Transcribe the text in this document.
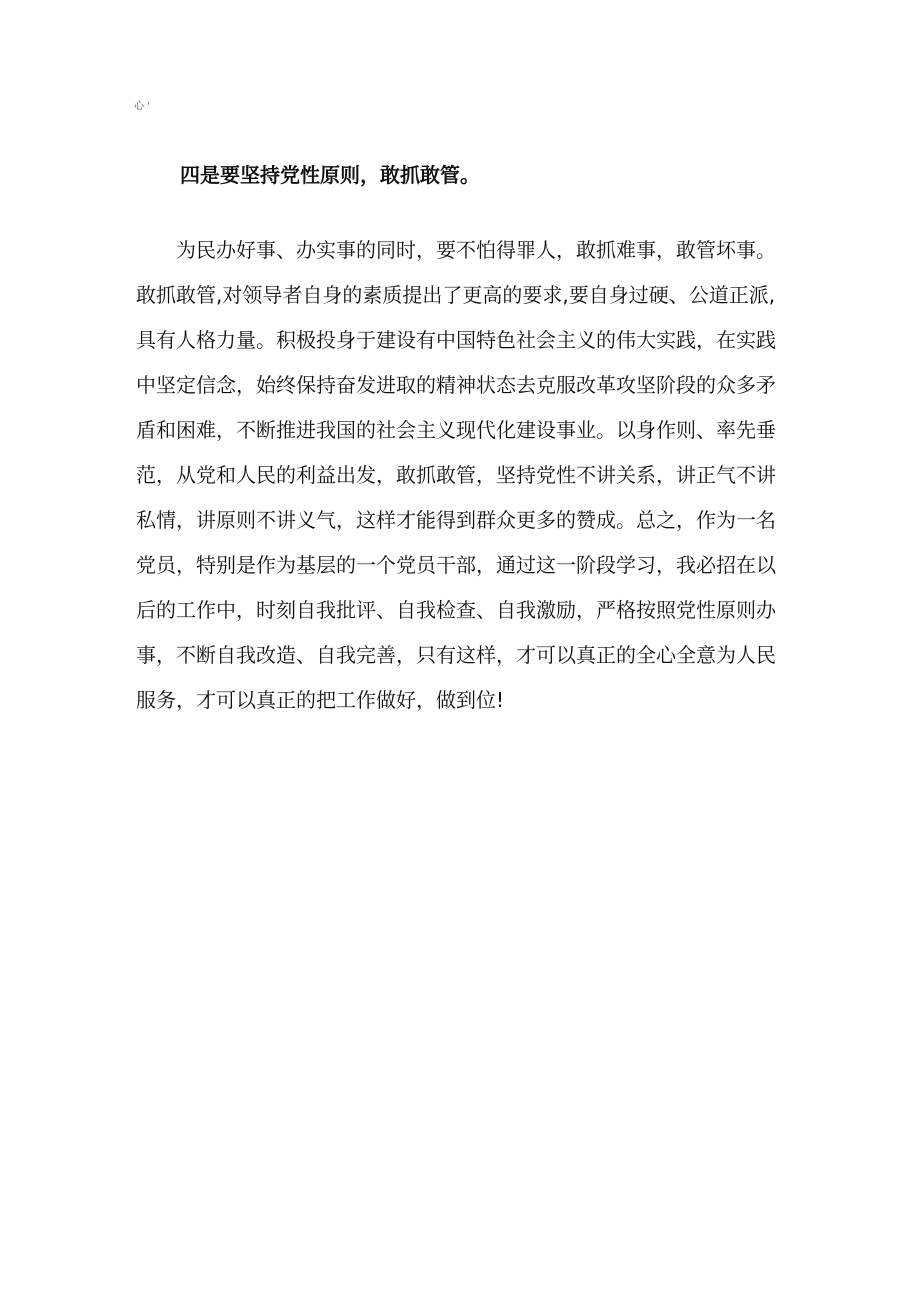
心 '
四是要坚持党性原则，敢抓敢管。
为民办好事、办实事的同时，要不怕得罪人，敢抓难事，敢管坏事。
敢抓敢管,对领导者自身的素质提出了更高的要求,要自身过硬、公道正派,
具有人格力量。积极投身于建设有中国特色社会主义的伟大实践，在实践
中坚定信念，始终保持奋发进取的精神状态去克服改革攻坚阶段的众多矛
盾和困难，不断推进我国的社会主义现代化建设事业。以身作则、率先垂
范，从党和人民的利益出发，敢抓敢管，坚持党性不讲关系，讲正气不讲
私情，讲原则不讲义气，这样才能得到群众更多的赞成。总之，作为一名
党员，特别是作为基层的一个党员干部，通过这一阶段学习，我必招在以
后的工作中，时刻自我批评、自我检查、自我激励，严格按照党性原则办
事，不断自我改造、自我完善，只有这样，才可以真正的全心全意为人民
服务，才可以真正的把工作做好，做到位!
